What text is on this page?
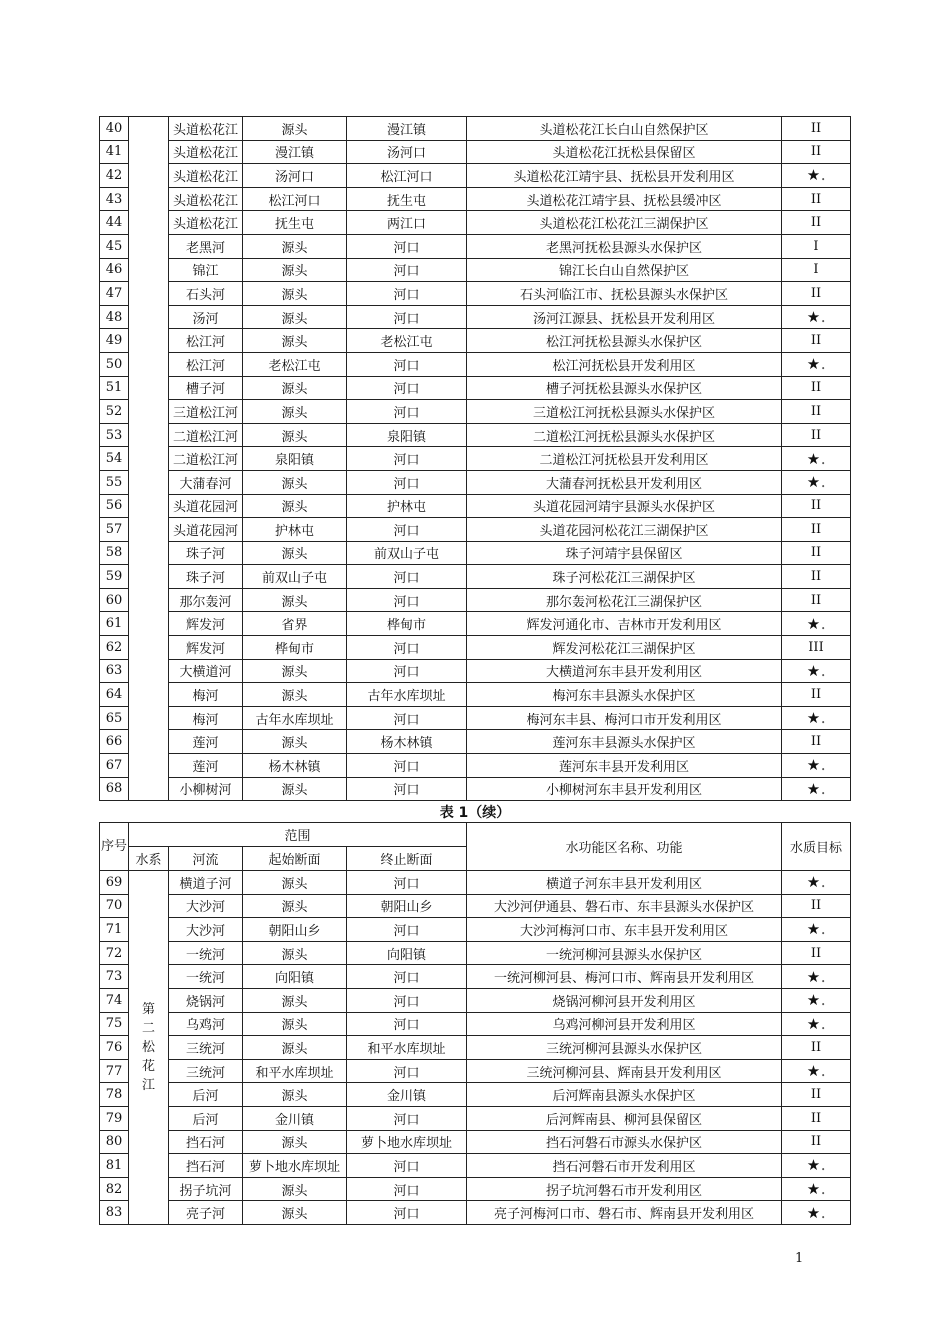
40		头道松花江	源头	漫江镇	头道松花江长白山自然保护区	II
41		头道松花江	漫江镇	汤河口	头道松花江抚松县保留区	II
42		头道松花江	汤河口	松江河口	头道松花江靖宇县、抚松县开发利用区	★•
43		头道松花江	松江河口	抚生屯	头道松花江靖宇县、抚松县缓冲区	II
44		头道松花江	抚生屯	两江口	头道松花江松花江三湖保护区	II
45		老黑河	源头	河口	老黑河抚松县源头水保护区	I
46		锦江	源头	河口	锦江长白山自然保护区	I
47		石头河	源头	河口	石头河临江市、抚松县源头水保护区	II
48		汤河	源头	河口	汤河江源县、抚松县开发利用区	★•
49		松江河	源头	老松江屯	松江河抚松县源头水保护区	II
50		松江河	老松江屯	河口	松江河抚松县开发利用区	★•
51		槽子河	源头	河口	槽子河抚松县源头水保护区	II
52		三道松江河	源头	河口	三道松江河抚松县源头水保护区	II
53		二道松江河	源头	泉阳镇	二道松江河抚松县源头水保护区	II
54		二道松江河	泉阳镇	河口	二道松江河抚松县开发利用区	★•
55		大蒲春河	源头	河口	大蒲春河抚松县开发利用区	★•
56		头道花园河	源头	护林屯	头道花园河靖宇县源头水保护区	II
57		头道花园河	护林屯	河口	头道花园河松花江三湖保护区	II
58		珠子河	源头	前双山子屯	珠子河靖宇县保留区	II
59		珠子河	前双山子屯	河口	珠子河松花江三湖保护区	II
60		那尔轰河	源头	河口	那尔轰河松花江三湖保护区	II
61		辉发河	省界	桦甸市	辉发河通化市、吉林市开发利用区	★•
62		辉发河	桦甸市	河口	辉发河松花江三湖保护区	III
63		大横道河	源头	河口	大横道河东丰县开发利用区	★•
64		梅河	源头	古年水库坝址	梅河东丰县源头水保护区	II
65		梅河	古年水库坝址	河口	梅河东丰县、梅河口市开发利用区	★•
66		莲河	源头	杨木林镇	莲河东丰县源头水保护区	II
67		莲河	杨木林镇	河口	莲河东丰县开发利用区	★•
68		小柳树河	源头	河口	小柳树河东丰县开发利用区	★•
表 1（续）
序号	范围				水功能区名称、功能	水质目标
	水系	河流	起始断面	终止断面		
69	第二松花江	横道子河	源头	河口	横道子河东丰县开发利用区	★•
70		大沙河	源头	朝阳山乡	大沙河伊通县、磐石市、东丰县源头水保护区	II
71		大沙河	朝阳山乡	河口	大沙河梅河口市、东丰县开发利用区	★•
72		一统河	源头	向阳镇	一统河柳河县源头水保护区	II
73		一统河	向阳镇	河口	一统河柳河县、梅河口市、辉南县开发利用区	★•
74		烧锅河	源头	河口	烧锅河柳河县开发利用区	★•
75		乌鸡河	源头	河口	乌鸡河柳河县开发利用区	★•
76		三统河	源头	和平水库坝址	三统河柳河县源头水保护区	II
77		三统河	和平水库坝址	河口	三统河柳河县、辉南县开发利用区	★•
78		后河	源头	金川镇	后河辉南县源头水保护区	II
79		后河	金川镇	河口	后河辉南县、柳河县保留区	II
80		挡石河	源头	萝卜地水库坝址	挡石河磐石市源头水保护区	II
81		挡石河	萝卜地水库坝址	河口	挡石河磐石市开发利用区	★•
82		拐子坑河	源头	河口	拐子坑河磐石市开发利用区	★•
83		亮子河	源头	河口	亮子河梅河口市、磐石市、辉南县开发利用区	★•
1
